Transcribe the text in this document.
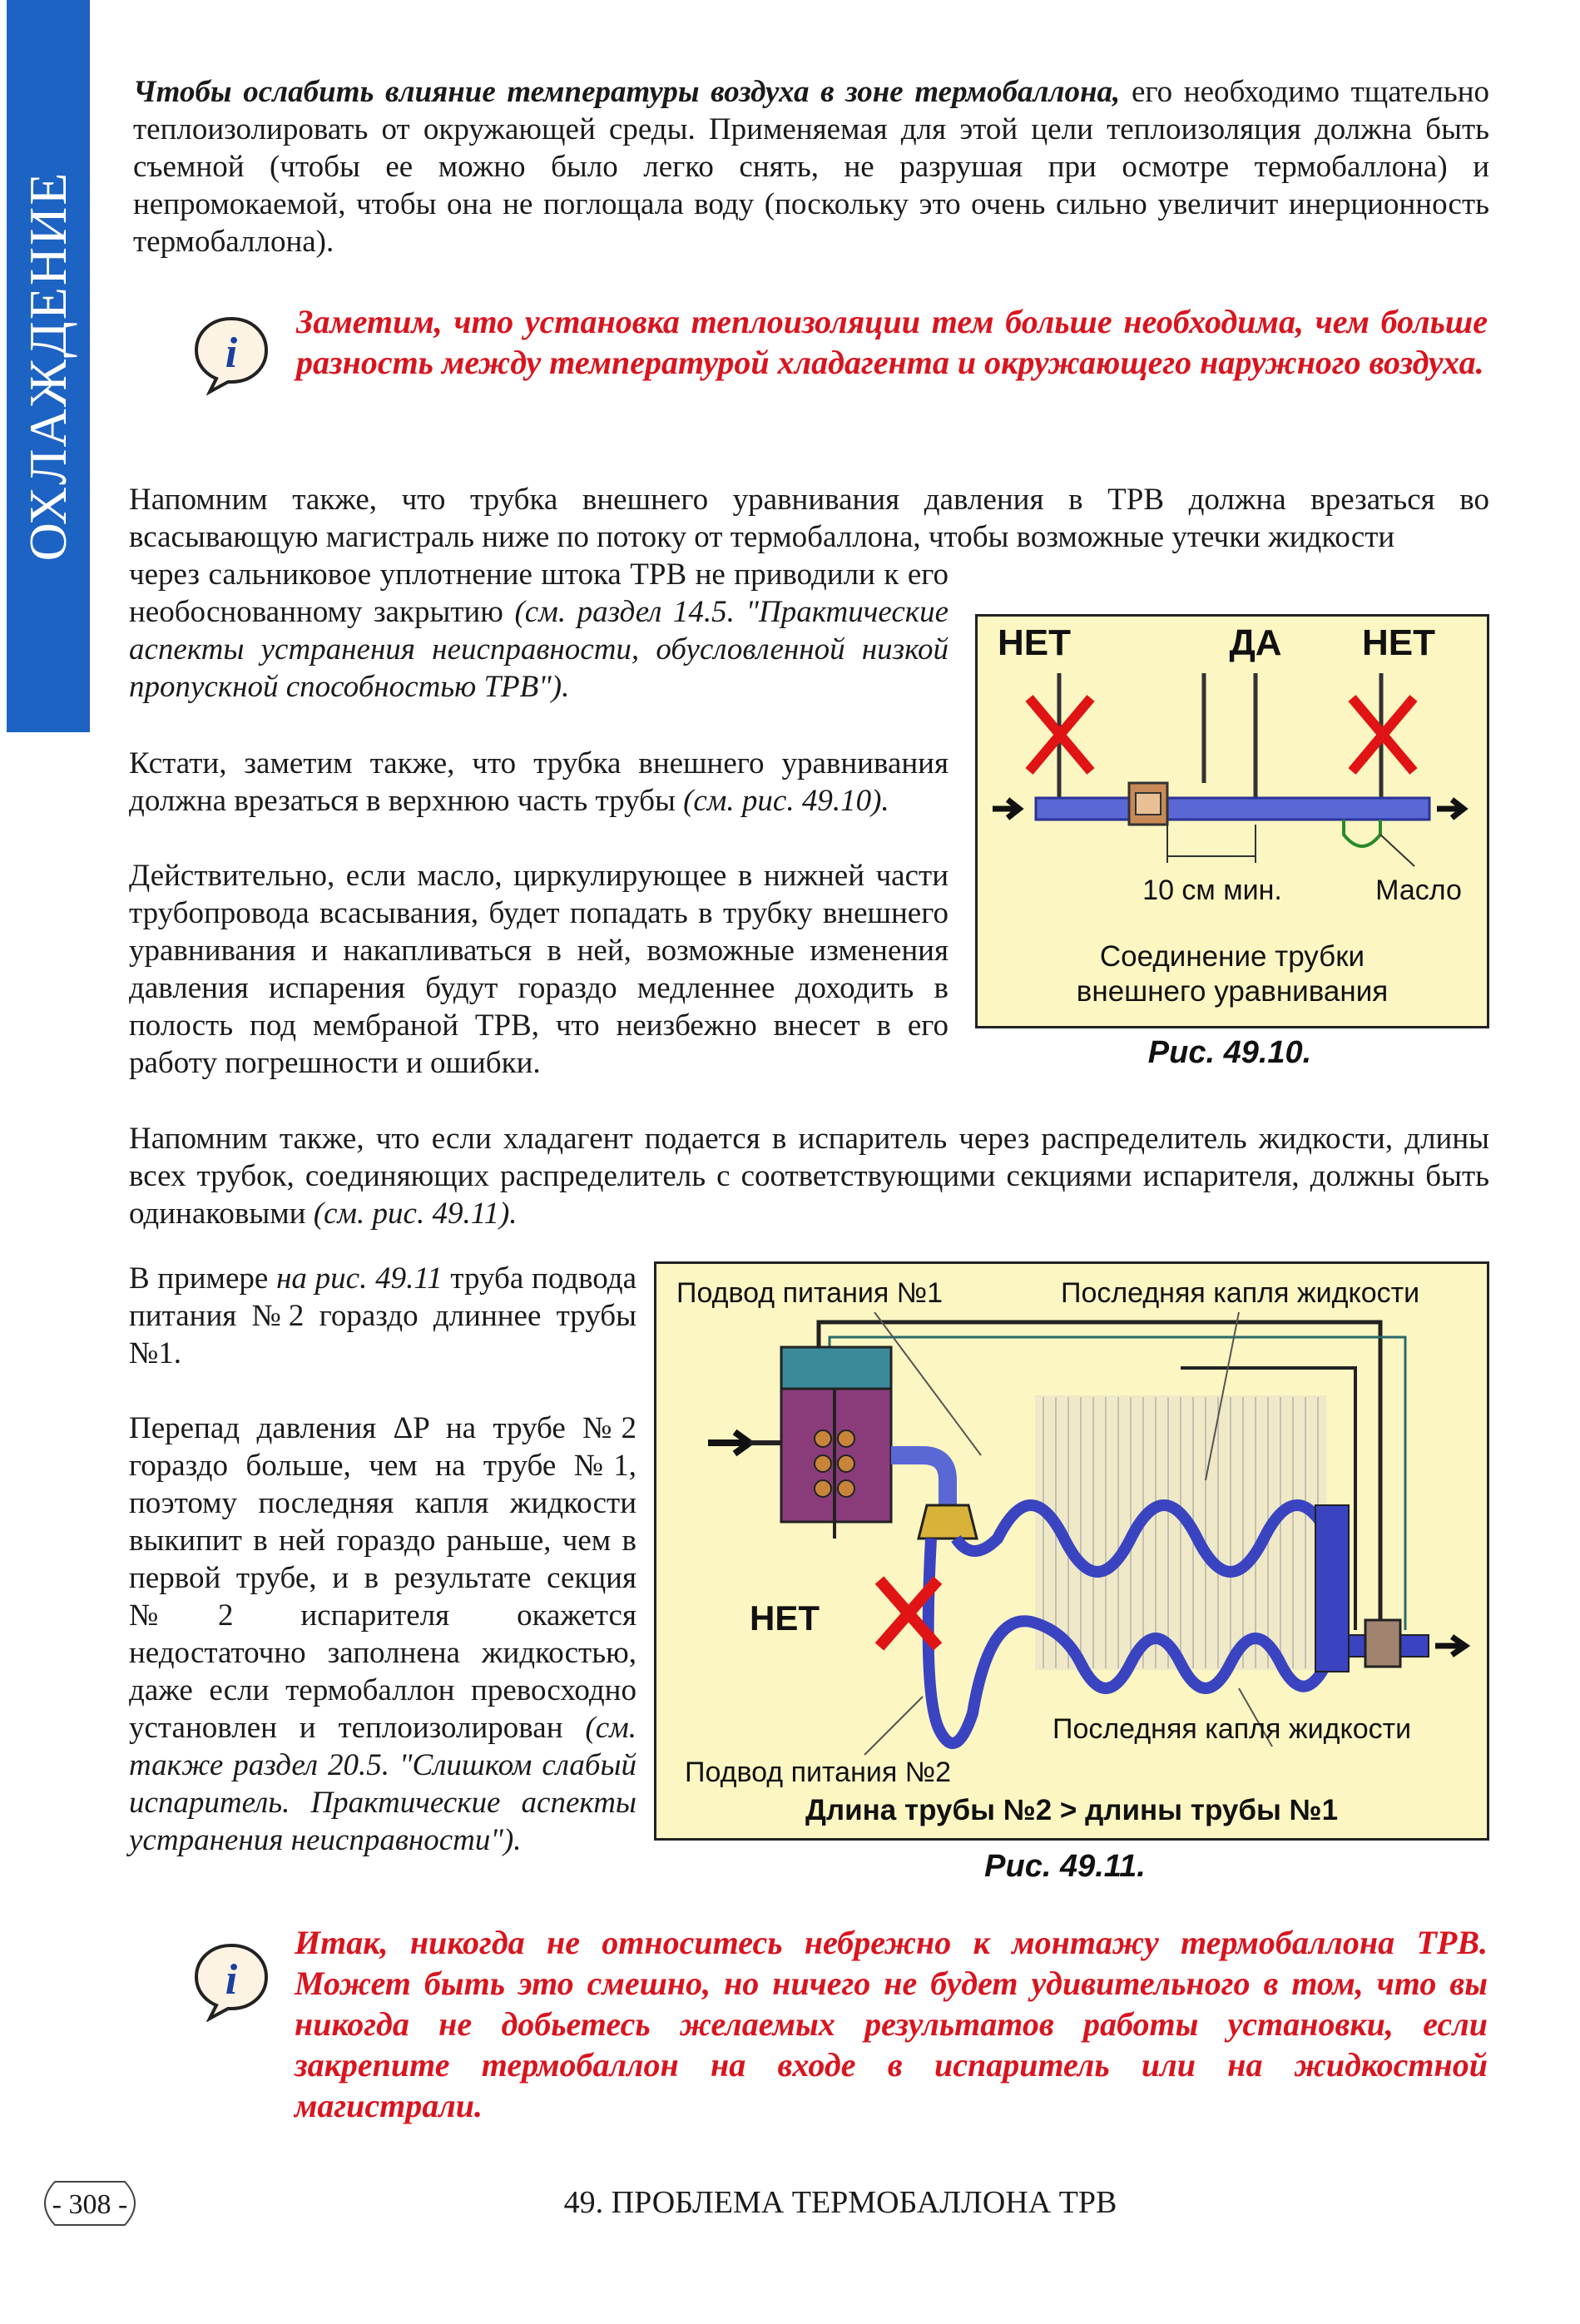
ОХЛАЖДЕНИЕ

Чтобы ослабить влияние температуры воздуха в зоне термобаллона, его необходимо тщательно теплоизолировать от окружающей среды. Применяемая для этой цели теплоизоляция должна быть съемной (чтобы ее можно было легко снять, не разрушая при осмотре термобаллона) и непромокаемой, чтобы она не поглощала воду (поскольку это очень сильно увеличит инерционность термобаллона).

i

Заметим, что установка теплоизоляции тем больше необходима, чем больше разность между температурой хладагента и окружающего наружного воздуха.

Напомним также, что трубка внешнего уравнивания давления в ТРВ должна врезаться во всасывающую магистраль ниже по потоку от термобаллона, чтобы возможные утечки жидкости

через сальниковое уплотнение штока ТРВ не приводили к его необоснованному закрытию (см. раздел 14.5. "Практические аспекты устранения неисправности, обусловленной низкой пропускной способностью ТРВ").

Кстати, заметим также, что трубка внешнего уравнивания должна врезаться в верхнюю часть трубы (см. рис. 49.10).

Действительно, если масло, циркулирующее в нижней части трубопровода всасывания, будет попадать в трубку внешнего уравнивания и накапливаться в ней, возможные изменения давления испарения будут гораздо медленнее доходить в полость под мембраной ТРВ, что неизбежно внесет в его работу погрешности и ошибки.

НЕТ	ДА НЕТ
10 см мин.	Масло
Соединение трубки
внешнего уравнивания
Рис. 49.10.

Напомним также, что если хладагент подается в испаритель через распределитель жидкости, длины всех трубок, соединяющих распределитель с соответствующими секциями испарителя, должны быть одинаковыми (см. рис. 49.11).

В примере на рис. 49.11 труба подвода питания №2 гораздо длиннее трубы №1.

Перепад давления ΔP на трубе №2 гораздо больше, чем на трубе №1, поэтому последняя капля жидкости выкипит в ней гораздо раньше, чем в первой трубе, и в результате секция №2 испарителя окажется недостаточно заполнена жидкостью, даже если термобаллон превосходно установлен и теплоизолирован (см. также раздел 20.5. "Слишком слабый испаритель. Практические аспекты устранения неисправности").

Подвод питания №1	Последняя капля жидкости
НЕТ
Последняя капля жидкости
Подвод питания №2
Длина трубы №2 > длины трубы №1
Рис. 49.11.
i

Итак, никогда не относитесь небрежно к монтажу термобаллона ТРВ. Может быть это смешно, но ничего не будет удивительного в том, что вы никогда не добьетесь желаемых результатов работы установки, если закрепите термобаллон на входе в испаритель или на жидкостной магистрали.

- 308 -	49. ПРОБЛЕМА ТЕРМОБАЛЛОНА ТРВ
